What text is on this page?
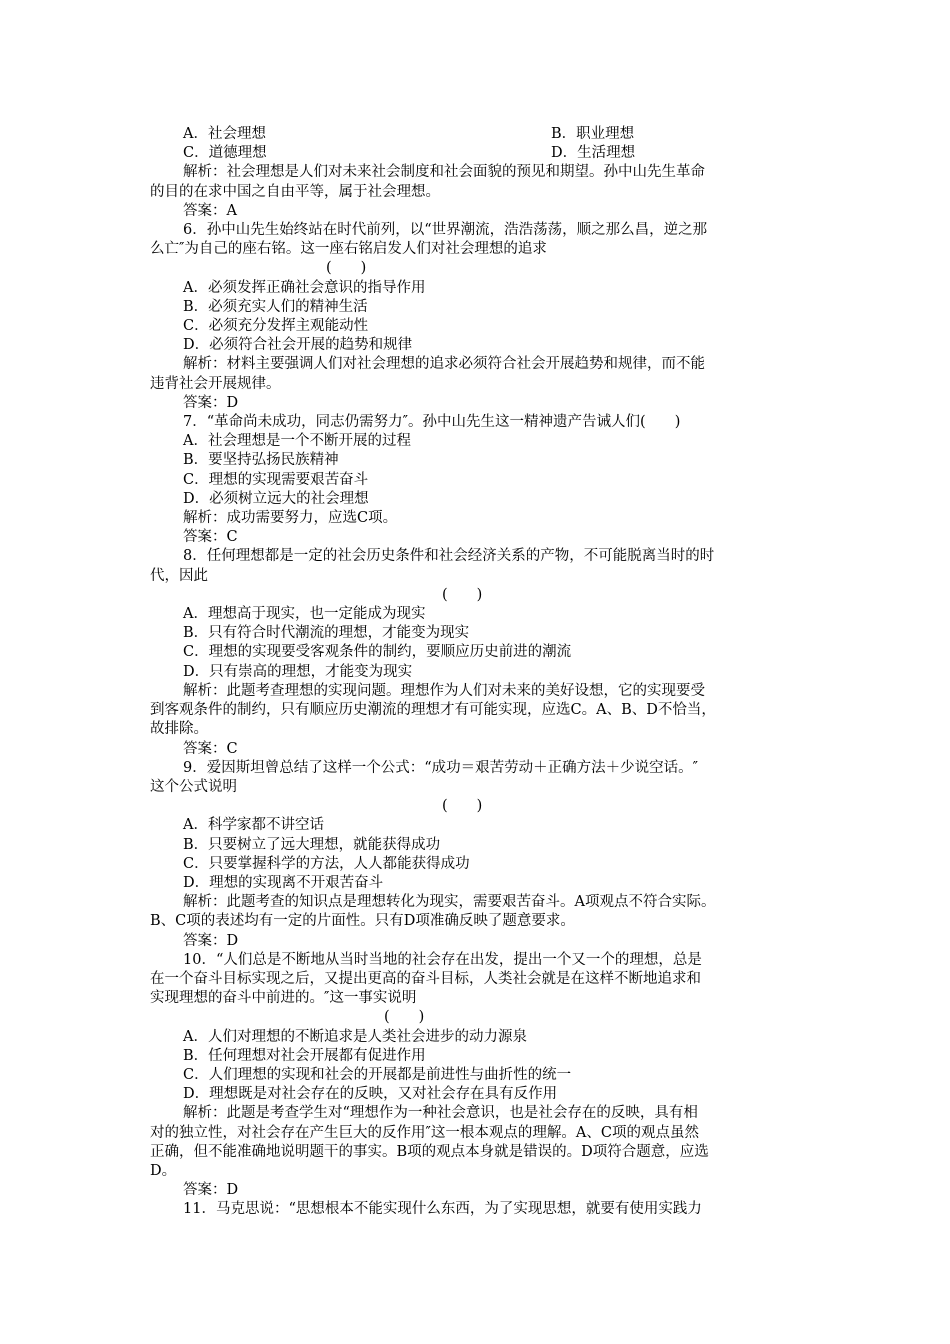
A．社会理想	B．职业理想
C．道德理想	D．生活理想
解析：社会理想是人们对未来社会制度和社会面貌的预见和期望。孙中山先生革命
的目的在求中国之自由平等，属于社会理想。
答案：A
6．孙中山先生始终站在时代前列，以“世界潮流，浩浩荡荡，顺之那么昌，逆之那
么亡″为自己的座右铭。这一座右铭启发人们对社会理想的追求
(　　)
A．必须发挥正确社会意识的指导作用
B．必须充实人们的精神生活
C．必须充分发挥主观能动性
D．必须符合社会开展的趋势和规律
解析：材料主要强调人们对社会理想的追求必须符合社会开展趋势和规律，而不能
违背社会开展规律。
答案：D
7．“革命尚未成功，同志仍需努力″。孙中山先生这一精神遗产告诫人们(　　)
A．社会理想是一个不断开展的过程
B．要坚持弘扬民族精神
C．理想的实现需要艰苦奋斗
D．必须树立远大的社会理想
解析：成功需要努力，应选C项。
答案：C
8．任何理想都是一定的社会历史条件和社会经济关系的产物，不可能脱离当时的时
代，因此
(　　)
A．理想高于现实，也一定能成为现实
B．只有符合时代潮流的理想，才能变为现实
C．理想的实现要受客观条件的制约，要顺应历史前进的潮流
D．只有崇高的理想，才能变为现实
解析：此题考查理想的实现问题。理想作为人们对未来的美好设想，它的实现要受
到客观条件的制约，只有顺应历史潮流的理想才有可能实现，应选C。A、B、D不恰当，
故排除。
答案：C
9．爱因斯坦曾总结了这样一个公式：“成功＝艰苦劳动＋正确方法＋少说空话。″
这个公式说明
(　　)
A．科学家都不讲空话
B．只要树立了远大理想，就能获得成功
C．只要掌握科学的方法，人人都能获得成功
D．理想的实现离不开艰苦奋斗
解析：此题考查的知识点是理想转化为现实，需要艰苦奋斗。A项观点不符合实际。
B、C项的表述均有一定的片面性。只有D项准确反映了题意要求。
答案：D
10．“人们总是不断地从当时当地的社会存在出发，提出一个又一个的理想，总是
在一个奋斗目标实现之后，又提出更高的奋斗目标，人类社会就是在这样不断地追求和
实现理想的奋斗中前进的。″这一事实说明
(　　)
A．人们对理想的不断追求是人类社会进步的动力源泉
B．任何理想对社会开展都有促进作用
C．人们理想的实现和社会的开展都是前进性与曲折性的统一
D．理想既是对社会存在的反映，又对社会存在具有反作用
解析：此题是考查学生对“理想作为一种社会意识，也是社会存在的反映，具有相
对的独立性，对社会存在产生巨大的反作用″这一根本观点的理解。A、C项的观点虽然
正确，但不能准确地说明题干的事实。B项的观点本身就是错误的。D项符合题意，应选
D。
答案：D
11．马克思说：“思想根本不能实现什么东西，为了实现思想，就要有使用实践力
